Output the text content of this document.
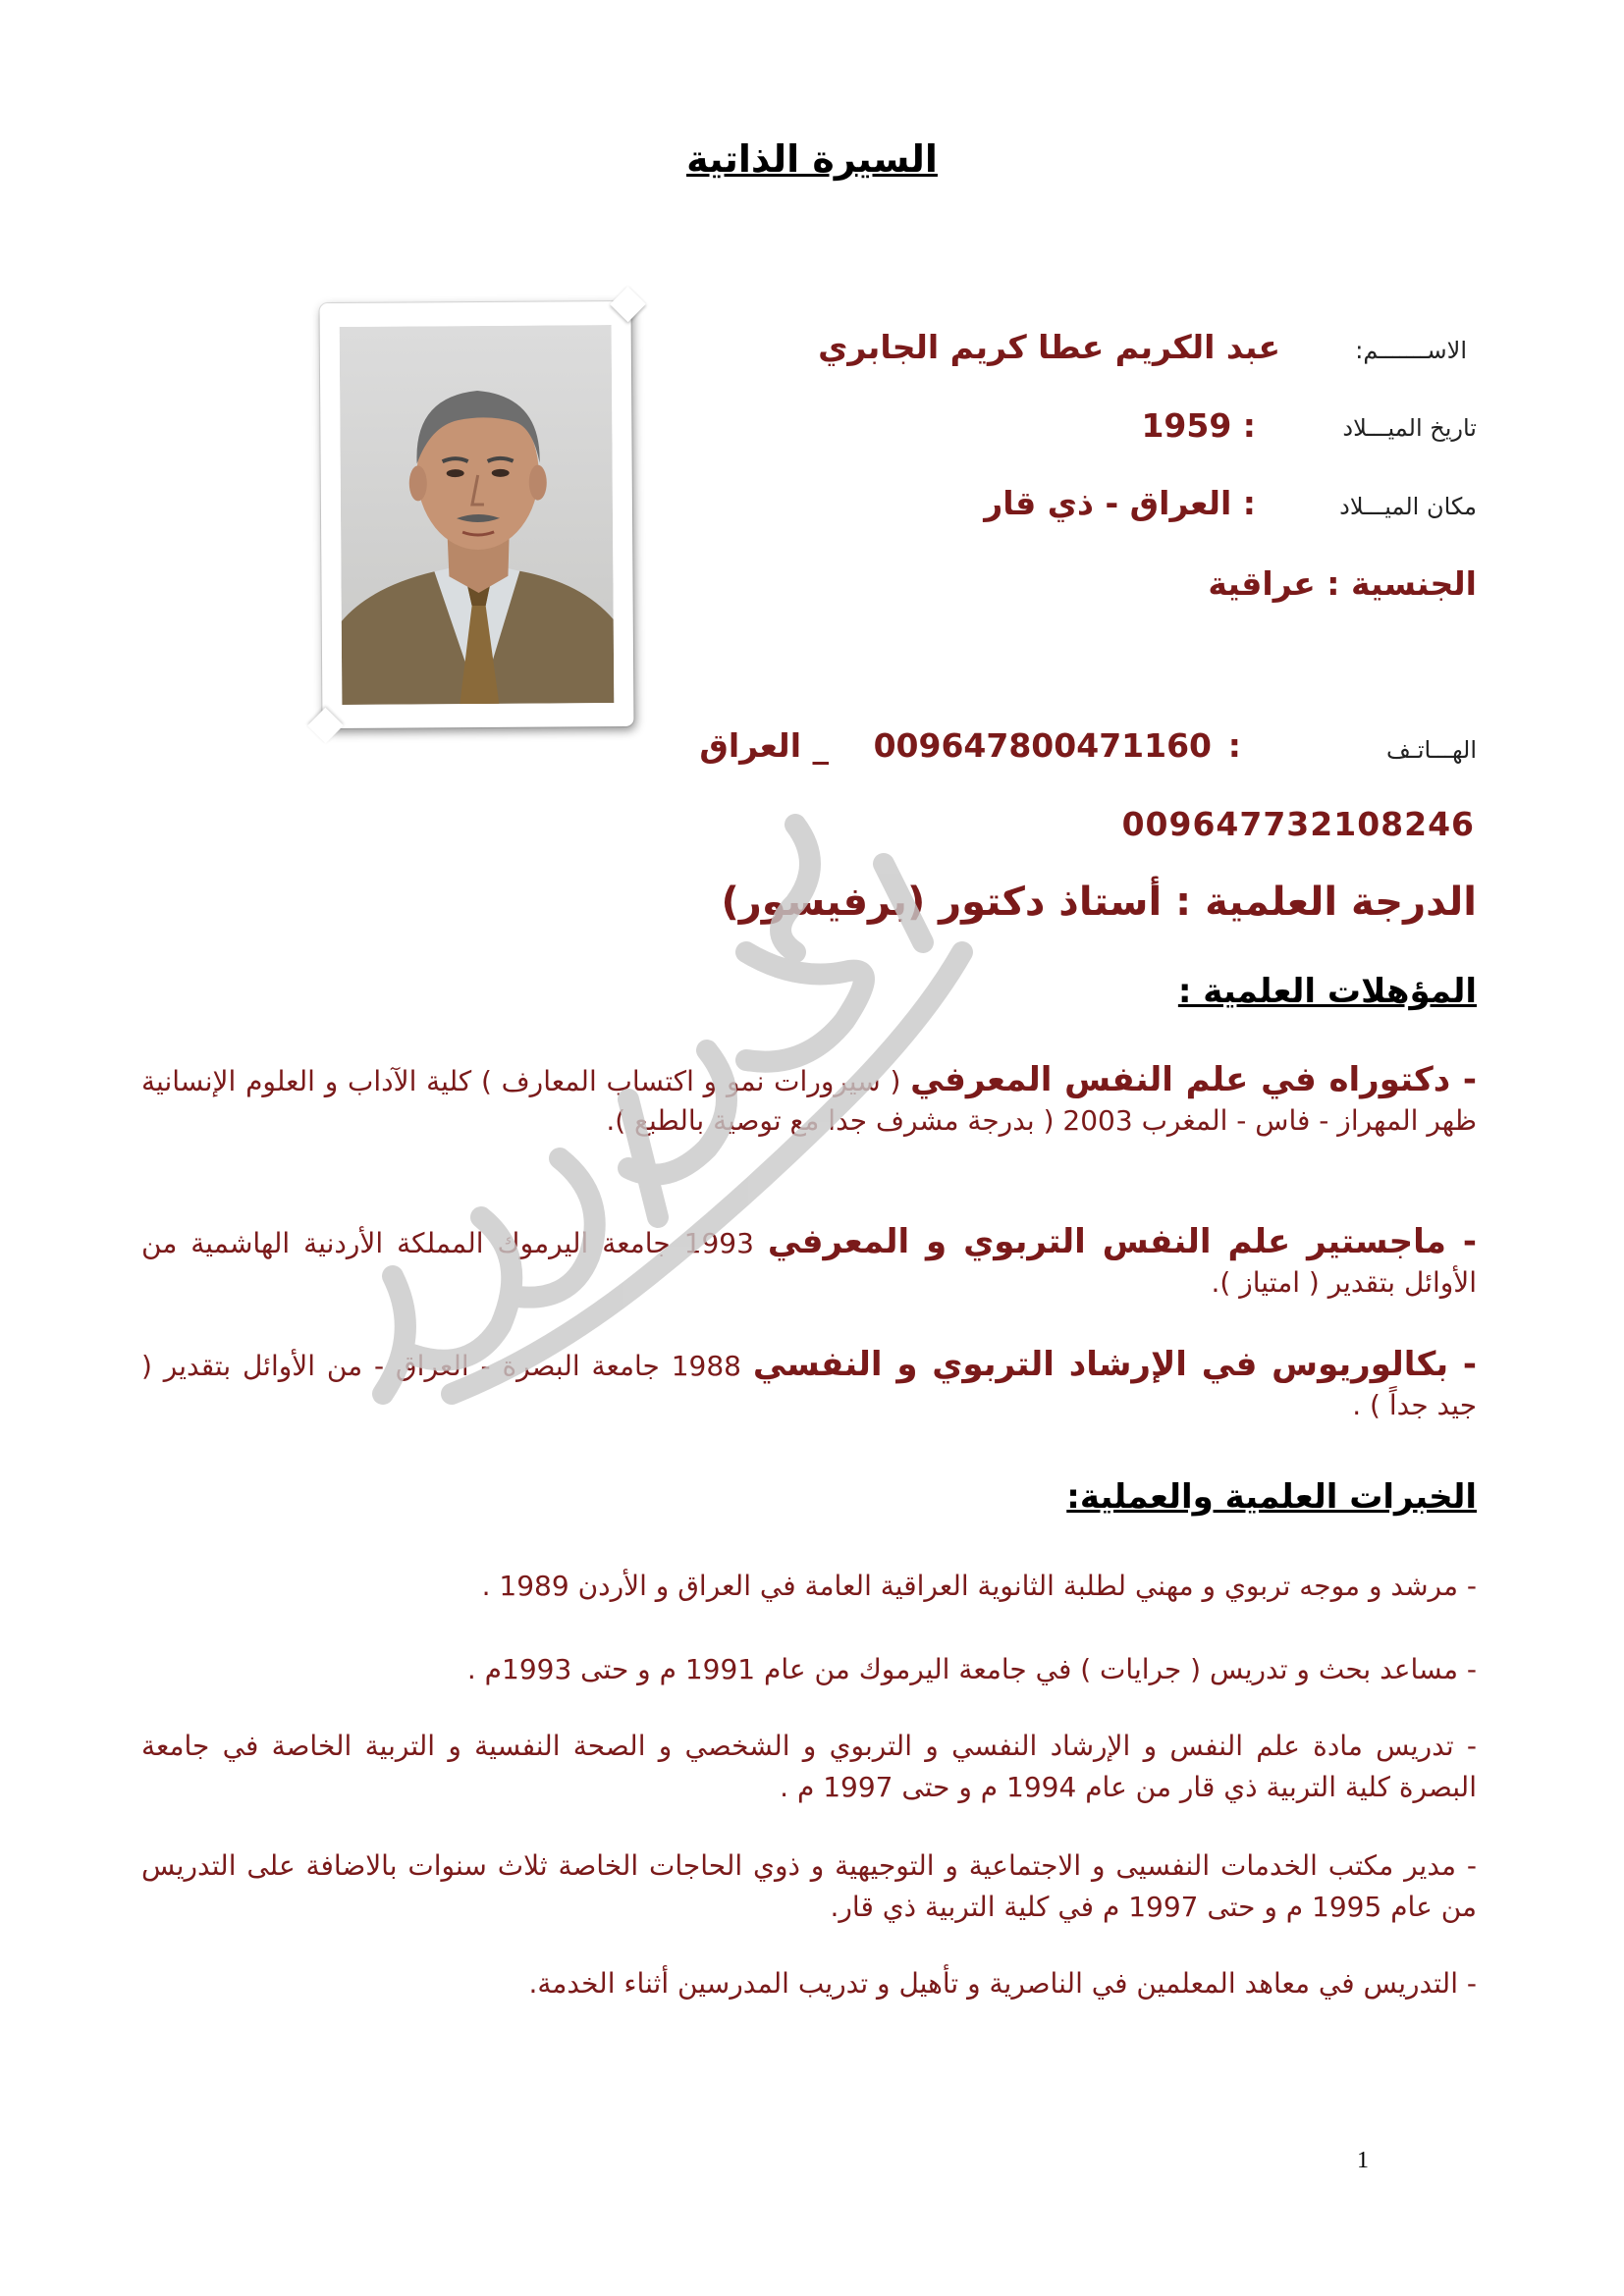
السيرة الذاتية
الاســـــــم:
عبد الكريم عطا كريم الجابري
تاريخ الميـــلاد
: 1959
مكان الميـــلاد
: العراق - ذي قار
الجنسية : عراقية
الهـــاتـف
:
009647800471160
_ العراق
009647732108246
الدرجة العلمية : أستاذ دكتور (برفيسور)
المؤهلات العلمية :
- دكتوراه في علم النفس المعرفي ( سيرورات نمو و اكتساب المعارف ) كلية الآداب و العلوم الإنسانية ظهر المهراز - فاس - المغرب 2003 ( بدرجة مشرف جدا مع توصية بالطبع ).
- ماجستير علم النفس التربوي و المعرفي 1993 جامعة اليرموك المملكة الأردنية الهاشمية من الأوائل بتقدير ( امتياز ).
- بكالوريوس في الإرشاد التربوي و النفسي 1988 جامعة البصرة - العراق - من الأوائل بتقدير ( جيد جداً ) .
الخبرات العلمية والعملية:
- مرشد و موجه تربوي و مهني لطلبة الثانوية العراقية العامة في العراق و الأردن 1989 .
- مساعد بحث و تدريس ( جرايات ) في جامعة اليرموك من عام 1991 م و حتى 1993م .
- تدريس مادة علم النفس و الإرشاد النفسي و التربوي و الشخصي و الصحة النفسية و التربية الخاصة في جامعة البصرة كلية التربية ذي قار من عام 1994 م و حتى 1997 م .
- مدير مكتب الخدمات النفسيى و الاجتماعية و التوجيهية و ذوي الحاجات الخاصة ثلاث سنوات بالاضافة على التدريس من عام 1995 م و حتى 1997 م في كلية التربية ذي قار.
- التدريس في معاهد المعلمين في الناصرية و تأهيل و تدريب المدرسين أثناء الخدمة.
1
